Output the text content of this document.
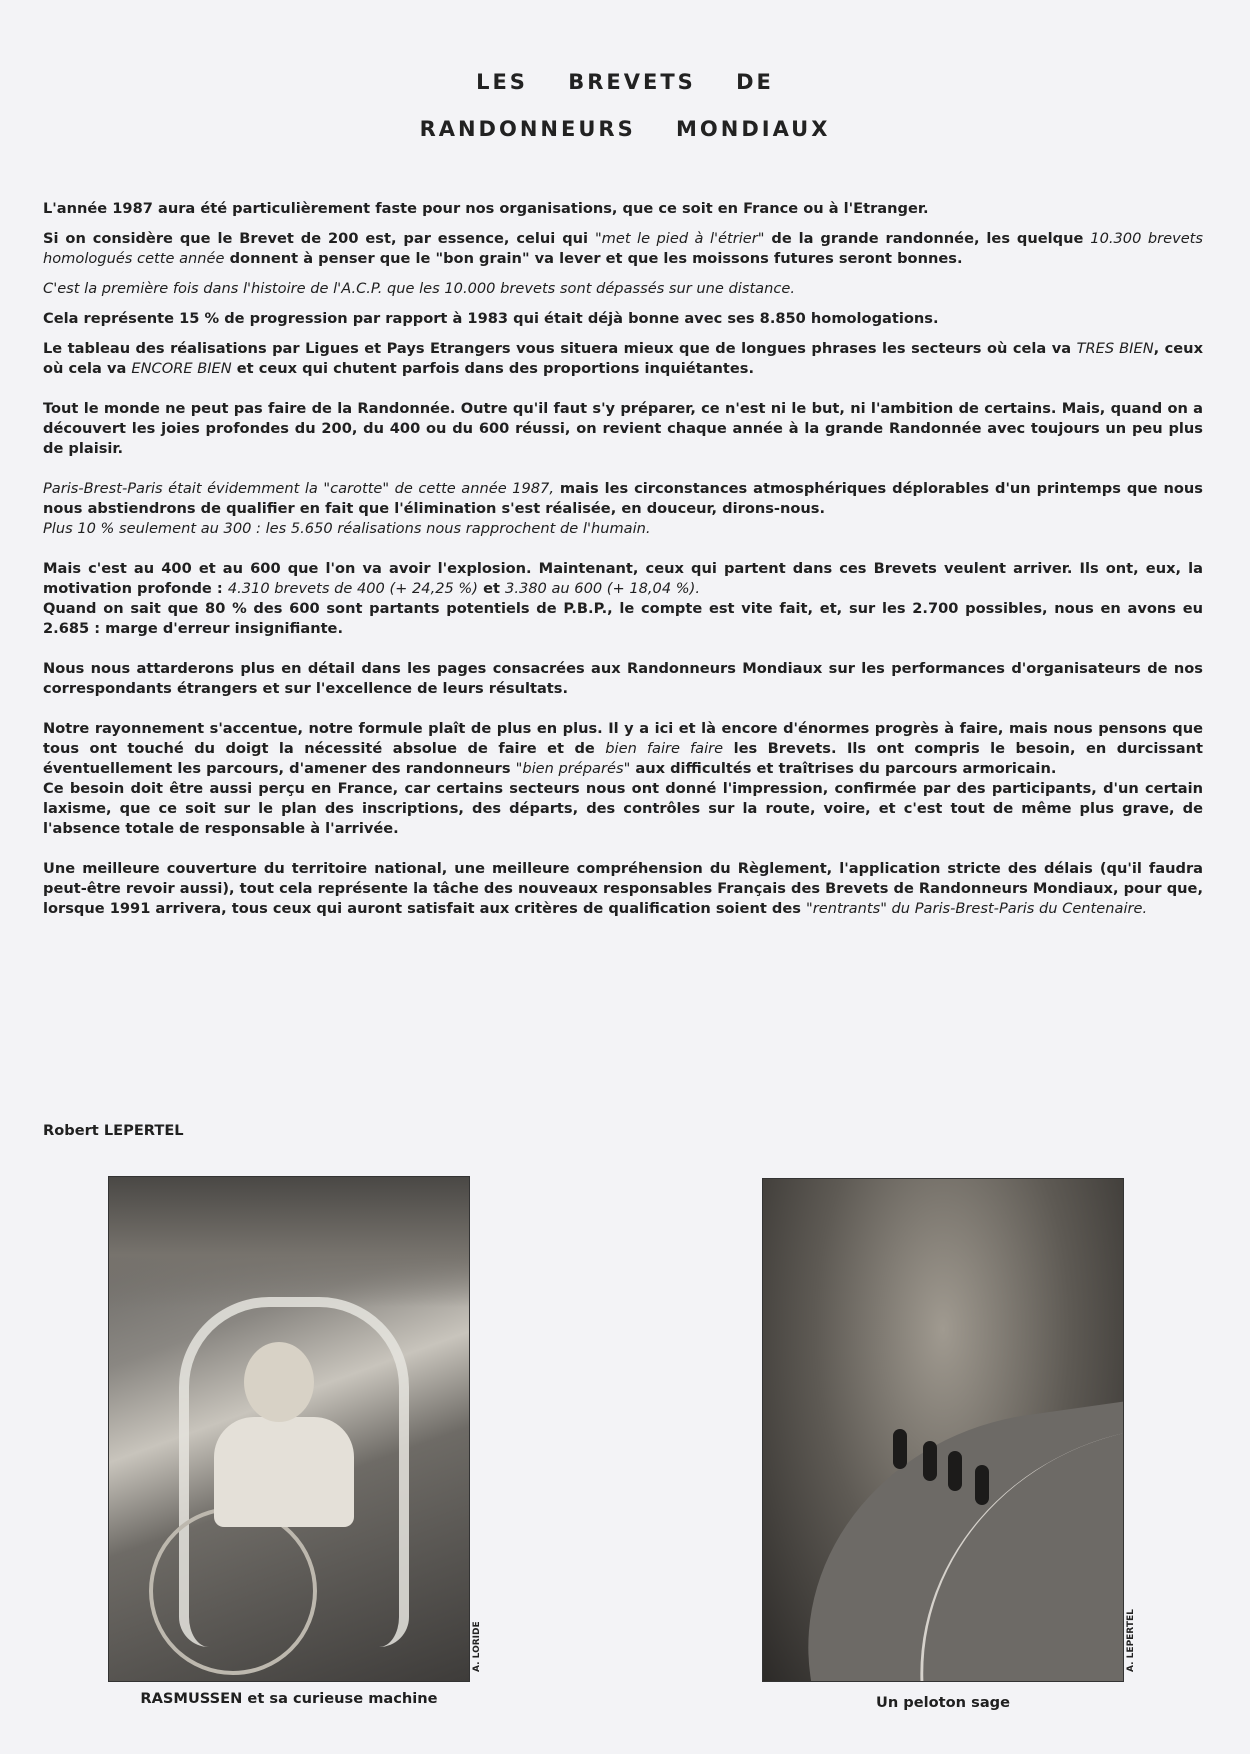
LES BREVETS DE
RANDONNEURS MONDIAUX

L'année 1987 aura été particulièrement faste pour nos organisations, que ce soit en France ou à l'Etranger.

Si on considère que le Brevet de 200 est, par essence, celui qui "met le pied à l'étrier" de la grande randonnée, les quelque 10.300 brevets homologués cette année donnent à penser que le "bon grain" va lever et que les moissons futures seront bonnes.

C'est la première fois dans l'histoire de l'A.C.P. que les 10.000 brevets sont dépassés sur une distance.

Cela représente 15 % de progression par rapport à 1983 qui était déjà bonne avec ses 8.850 homologations.

Le tableau des réalisations par Ligues et Pays Etrangers vous situera mieux que de longues phrases les secteurs où cela va TRES BIEN, ceux où cela va ENCORE BIEN et ceux qui chutent parfois dans des proportions inquiétantes.

Tout le monde ne peut pas faire de la Randonnée. Outre qu'il faut s'y préparer, ce n'est ni le but, ni l'ambition de certains. Mais, quand on a découvert les joies profondes du 200, du 400 ou du 600 réussi, on revient chaque année à la grande Randonnée avec toujours un peu plus de plaisir.

Paris-Brest-Paris était évidemment la "carotte" de cette année 1987, mais les circonstances atmosphériques déplorables d'un printemps que nous nous abstiendrons de qualifier en fait que l'élimination s'est réalisée, en douceur, dirons-nous.
Plus 10 % seulement au 300 : les 5.650 réalisations nous rapprochent de l'humain.

Mais c'est au 400 et au 600 que l'on va avoir l'explosion. Maintenant, ceux qui partent dans ces Brevets veulent arriver. Ils ont, eux, la motivation profonde : 4.310 brevets de 400 (+ 24,25 %) et 3.380 au 600 (+ 18,04 %).
Quand on sait que 80 % des 600 sont partants potentiels de P.B.P., le compte est vite fait, et, sur les 2.700 possibles, nous en avons eu 2.685 : marge d'erreur insignifiante.

Nous nous attarderons plus en détail dans les pages consacrées aux Randonneurs Mondiaux sur les performances d'organisateurs de nos correspondants étrangers et sur l'excellence de leurs résultats.

Notre rayonnement s'accentue, notre formule plaît de plus en plus. Il y a ici et là encore d'énormes progrès à faire, mais nous pensons que tous ont touché du doigt la nécessité absolue de faire et de bien faire faire les Brevets. Ils ont compris le besoin, en durcissant éventuellement les parcours, d'amener des randonneurs "bien préparés" aux difficultés et traîtrises du parcours armoricain.
Ce besoin doit être aussi perçu en France, car certains secteurs nous ont donné l'impression, confirmée par des participants, d'un certain laxisme, que ce soit sur le plan des inscriptions, des départs, des contrôles sur la route, voire, et c'est tout de même plus grave, de l'absence totale de responsable à l'arrivée.

Une meilleure couverture du territoire national, une meilleure compréhension du Règlement, l'application stricte des délais (qu'il faudra peut-être revoir aussi), tout cela représente la tâche des nouveaux responsables Français des Brevets de Randonneurs Mondiaux, pour que, lorsque 1991 arrivera, tous ceux qui auront satisfait aux critères de qualification soient des "rentrants" du Paris-Brest-Paris du Centenaire.

Robert LEPERTEL
A. LORIDE
RASMUSSEN et sa curieuse machine
A. LEPERTEL
Un peloton sage
